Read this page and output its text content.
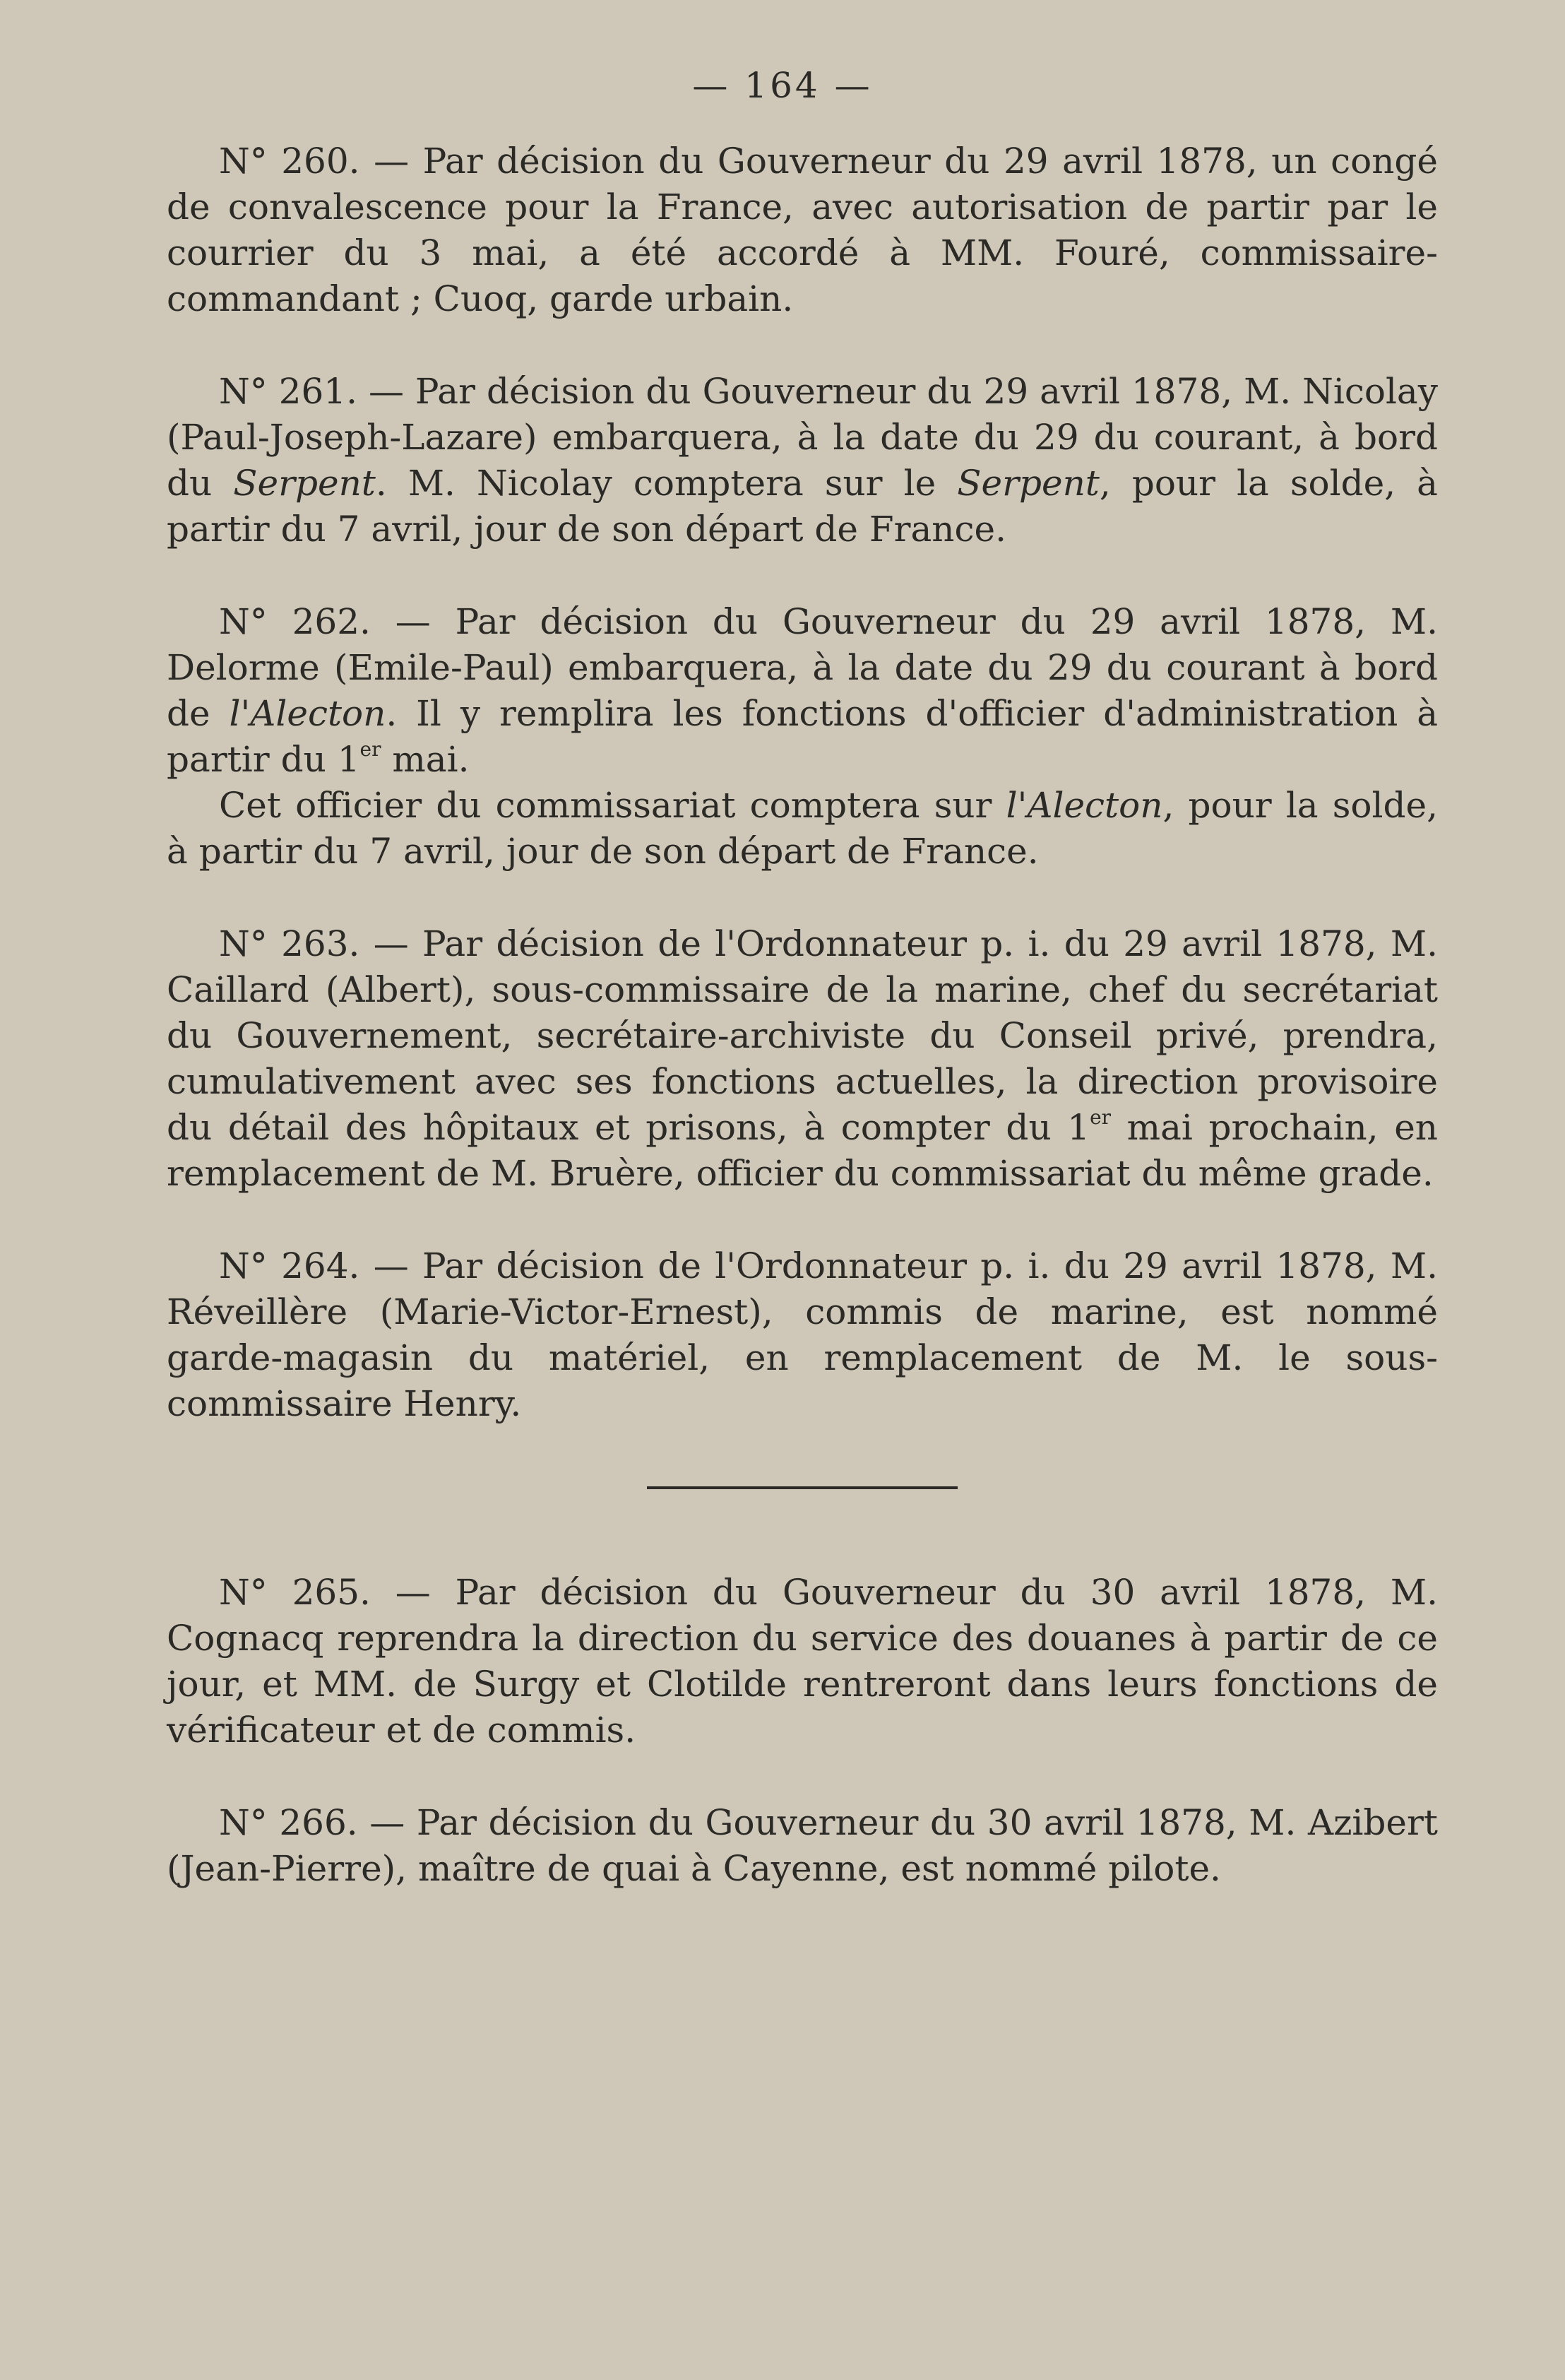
— 164 —

N° 260. — Par décision du Gouverneur du 29 avril 1878, un congé de convalescence pour la France, avec autorisation de partir par le courrier du 3 mai, a été accordé à MM. Fouré, commissaire-commandant ; Cuoq, garde urbain.

N° 261. — Par décision du Gouverneur du 29 avril 1878, M. Nicolay (Paul-Joseph-Lazare) embarquera, à la date du 29 du courant, à bord du Serpent. M. Nicolay comptera sur le Serpent, pour la solde, à partir du 7 avril, jour de son départ de France.

N° 262. — Par décision du Gouverneur du 29 avril 1878, M. Delorme (Emile-Paul) embarquera, à la date du 29 du courant à bord de l'Alecton. Il y remplira les fonctions d'officier d'administration à partir du 1er mai.

Cet officier du commissariat comptera sur l'Alecton, pour la solde, à partir du 7 avril, jour de son départ de France.

N° 263. — Par décision de l'Ordonnateur p. i. du 29 avril 1878, M. Caillard (Albert), sous-commissaire de la marine, chef du secrétariat du Gouvernement, secrétaire-archiviste du Conseil privé, prendra, cumulativement avec ses fonctions actuelles, la direction provisoire du détail des hôpitaux et prisons, à compter du 1er mai prochain, en remplacement de M. Bruère, officier du commissariat du même grade.

N° 264. — Par décision de l'Ordonnateur p. i. du 29 avril 1878, M. Réveillère (Marie-Victor-Ernest), commis de marine, est nommé garde-magasin du matériel, en remplacement de M. le sous-commissaire Henry.

N° 265. — Par décision du Gouverneur du 30 avril 1878, M. Cognacq reprendra la direction du service des douanes à partir de ce jour, et MM. de Surgy et Clotilde rentreront dans leurs fonctions de vérificateur et de commis.

N° 266. — Par décision du Gouverneur du 30 avril 1878, M. Azibert (Jean-Pierre), maître de quai à Cayenne, est nommé pilote.
